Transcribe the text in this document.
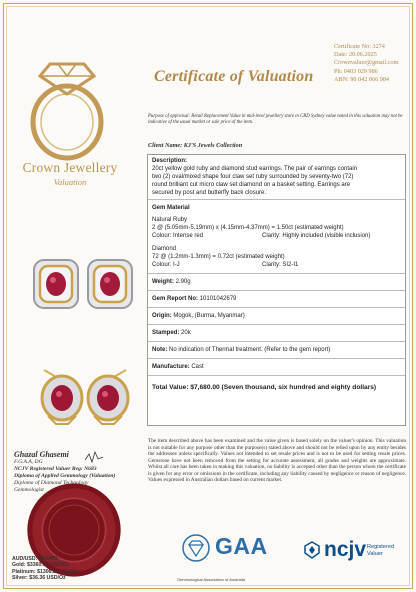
Certificate No: 3274
Date: 20.06.2025
Crownvaluer@gmail.com
Ph: 0403 029 986
ABN: 90 042 066 984
Crown Jewellery
Valuation
Certificate of Valuation
Purpose of appraisal: Retail Replacement Value in mid-level jewellery store in CBD Sydney value noted in this valuation may not be indicative of the usual market or sale price of the item.
Client Name: KJ'S Jewels Collection
Description:
20ct yellow gold ruby and diamond stud earrings. The pair of earrings contain
two (2) oval/mixed shape four claw set ruby surrounded by seventy-two (72)
round brilliant cut micro claw set diamond on a basket setting. Earrings are
secured by post and butterfly back closure.
Gem Material
Natural Ruby
2 @ (5.05mm-5.19mm) x (4.15mm-4.37mm) = 1.50ct (estimated weight)
Colour: Intense red	Clarity: Highly included (visible inclusion)
Diamond
72 @ (1.2mm-1.3mm) = 0.72ct (estimated weight)
Colour: I-J	Clarity: SI2-I1
Weight: 2.90g
Gem Report No: 10101042679
Origin: Mogok, (Burma, Myanmar)
Stamped: 20k
Note: No indication of Thermal treatment. (Refer to the gem report)
Manufacture: Cast
Total Value: $7,680.00 (Seven thousand, six hundred and eighty dollars)
Ghazal Ghasemi
F.G.A.A, DG
NCJV Registered Valuer Reg: N683
Diploma of Applied Gemmology (Valuation)
Diploma of Diamond Technology
Gemmologist
AUD/USD: $0.6493
Gold: $3360.99 USD/Oz
Platinum: $1306.23 USD/Oz
Silver: $36.36 USD/Oz
The item described above has been examined and the value given is based solely on the valuer's opinion. This valuation is not suitable for any purpose other than the purpose(s) stated above and should not be relied upon by any entity besides the addressee unless specifically. Values not intended to set resale prices and is not to be used for setting resale prices. Gemstone have not been removed from the setting for accurate assessment, all grades and weights are approximate. Whilst all care has been taken in making this valuation, no liability is accepted other than the person whom the certificate is given for any error or omissions in the certificate, including any liability caused by negligence or reason of negligence. Values expressed in Australian dollars based on current market.
GAA
Gemmological Association of Australia
ncjv Registered
Valuer
